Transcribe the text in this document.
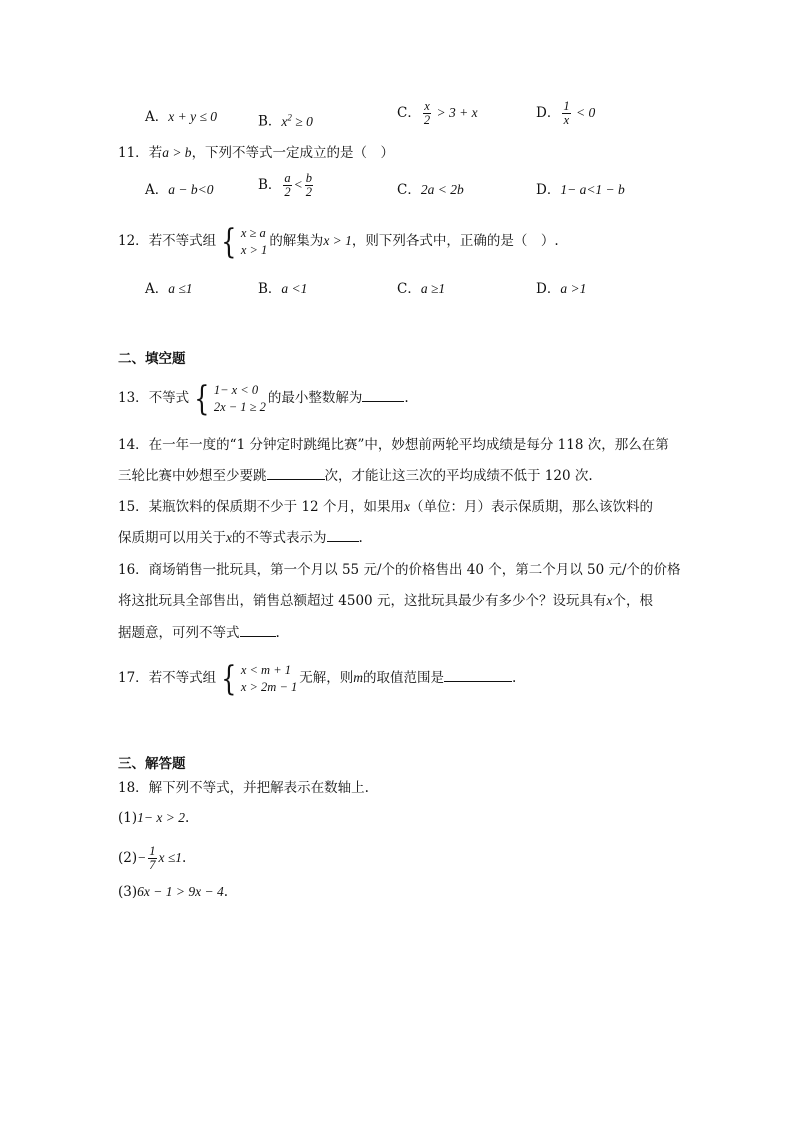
A．x + y ≤ 0	B．$x^2 \ge 0$	C． $\frac{x}{2} > 3 + x$	D． $\frac{1}{x} < 0$
11．若a > b，下列不等式一定成立的是（　）
A．a − b<0	B． $\frac{a}{2} < \frac{b}{2}$	C．2a < 2b	D．1− a<1 − b
12．若不等式组 { x ≥ a
x > 1
的解集为x > 1，则下列各式中，正确的是（　）.
A．a ≤1	B．a <1	C．a ≥1	D．a >1
二、填空题
13．不等式 { 1− x < 0
2x − 1 ≥ 2
的最小整数解为	.
14．在一年一度的“1 分钟定时跳绳比赛”中，妙想前两轮平均成绩是每分 118 次，那么在第
三轮比赛中妙想至少要跳	次，才能让这三次的平均成绩不低于 120 次.
15．某瓶饮料的保质期不少于 12 个月，如果用x（单位：月）表示保质期，那么该饮料的
保质期可以用关于x的不等式表示为 .
16．商场销售一批玩具，第一个月以 55 元/个的价格售出 40 个，第二个月以 50 元/个的价格
将这批玩具全部售出，销售总额超过 4500 元，这批玩具最少有多少个？设玩具有x个，根
据题意，可列不等式	.
17．若不等式组 { x < m + 1
x > 2m − 1
无解，则m的取值范围是	.
三、解答题
18．解下列不等式，并把解表示在数轴上.
(1)1− x > 2.
$(2)- \frac{1}{7}$ x ≤1.
(3)6x − 1 > 9x − 4.
